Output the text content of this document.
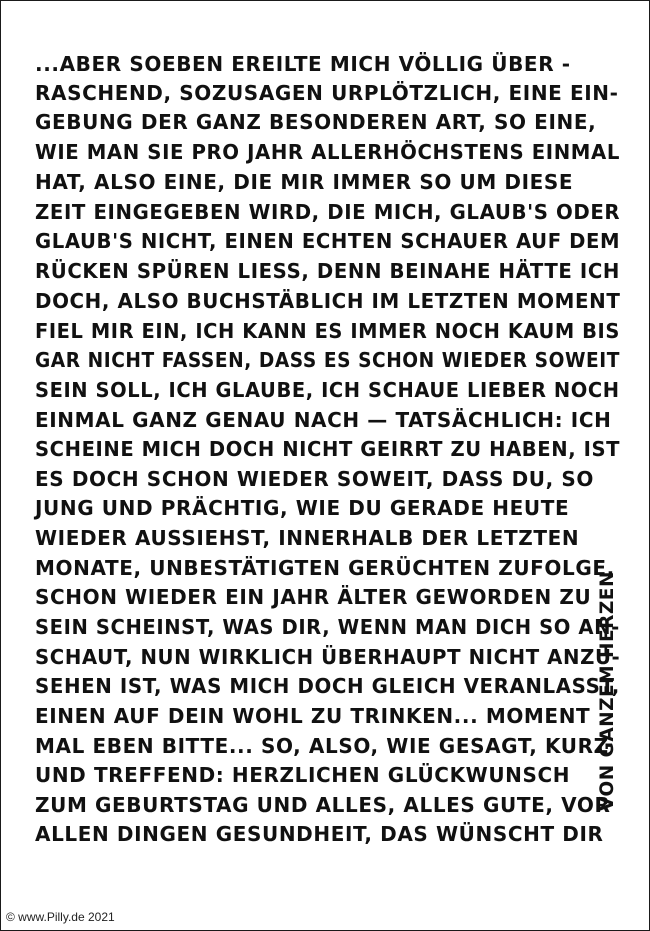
...ABER SOEBEN EREILTE MICH VÖLLIG ÜBER -
RASCHEND, SOZUSAGEN URPLÖTZLICH, EINE EIN-
GEBUNG DER GANZ BESONDEREN ART, SO EINE,
WIE MAN SIE PRO JAHR ALLERHÖCHSTENS EINMAL
HAT, ALSO EINE, DIE MIR IMMER SO UM DIESE
ZEIT EINGEGEBEN WIRD, DIE MICH, GLAUB'S ODER
GLAUB'S NICHT, EINEN ECHTEN SCHAUER AUF DEM
RÜCKEN SPÜREN LIESS, DENN BEINAHE HÄTTE ICH
DOCH, ALSO BUCHSTÄBLICH IM LETZTEN MOMENT
FIEL MIR EIN, ICH KANN ES IMMER NOCH KAUM BIS
GAR NICHT FASSEN, DASS ES SCHON WIEDER SOWEIT
SEIN SOLL, ICH GLAUBE, ICH SCHAUE LIEBER NOCH
EINMAL GANZ GENAU NACH — TATSÄCHLICH: ICH
SCHEINE MICH DOCH NICHT GEIRRT ZU HABEN, IST
ES DOCH SCHON WIEDER SOWEIT, DASS DU, SO
JUNG UND PRÄCHTIG, WIE DU GERADE HEUTE
WIEDER AUSSIEHST, INNERHALB DER LETZTEN
MONATE, UNBESTÄTIGTEN GERÜCHTEN ZUFOLGE,
SCHON WIEDER EIN JAHR ÄLTER GEWORDEN ZU
SEIN SCHEINST, WAS DIR, WENN MAN DICH SO AN-
SCHAUT, NUN WIRKLICH ÜBERHAUPT NICHT ANZU-
SEHEN IST, WAS MICH DOCH GLEICH VERANLASST,
EINEN AUF DEIN WOHL ZU TRINKEN... MOMENT
MAL EBEN BITTE... SO, ALSO, WIE GESAGT, KURZ
UND TREFFEND: HERZLICHEN GLÜCKWUNSCH
ZUM GEBURTSTAG UND ALLES, ALLES GUTE, VOR
ALLEN DINGEN GESUNDHEIT, DAS WÜNSCHT DIR
VON GANZEM HERZEN
© www.Pilly.de 2021
